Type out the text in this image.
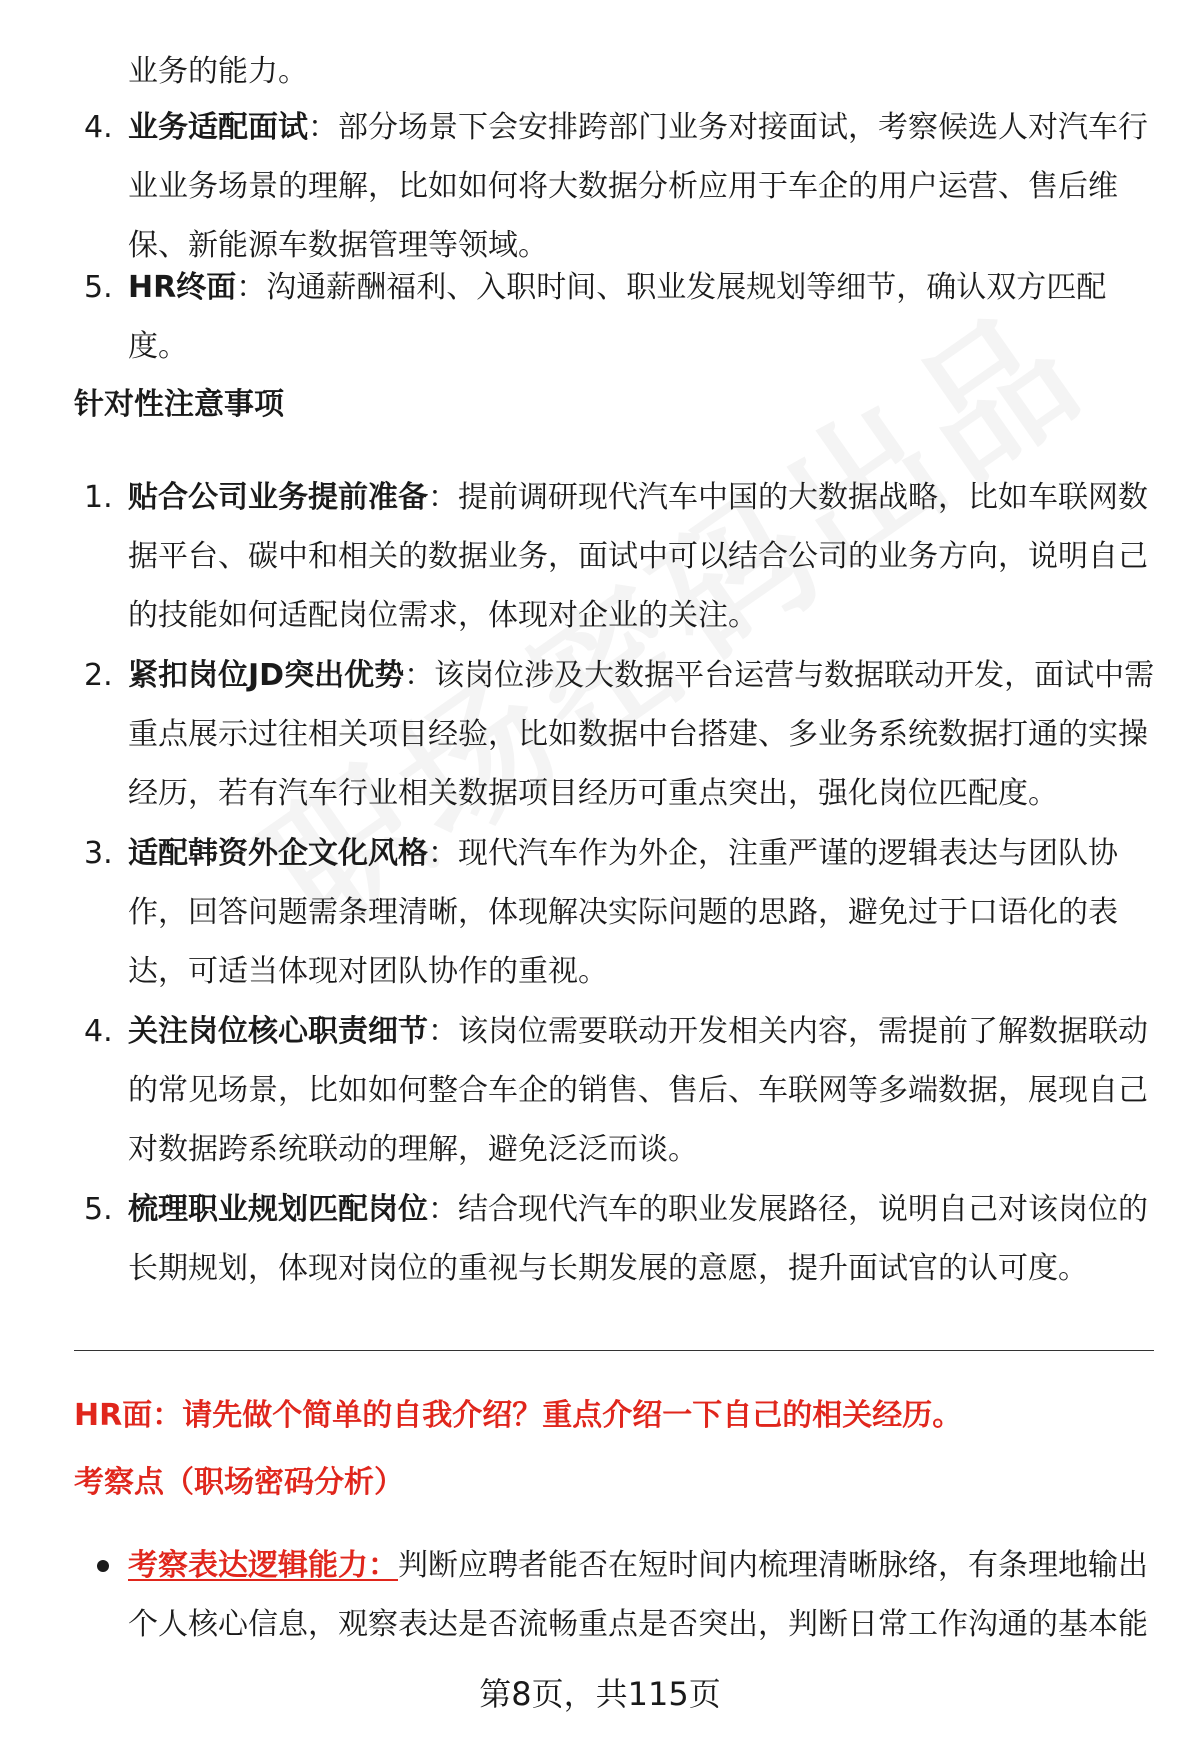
业务的能力。

4. 业务适配面试：部分场景下会安排跨部门业务对接面试，考察候选人对汽车行业业务场景的理解，比如如何将大数据分析应用于车企的用户运营、售后维保、新能源车数据管理等领域。

5. HR终面：沟通薪酬福利、入职时间、职业发展规划等细节，确认双方匹配度。

针对性注意事项
1. 贴合公司业务提前准备：提前调研现代汽车中国的大数据战略，比如车联网数据平台、碳中和相关的数据业务，面试中可以结合公司的业务方向，说明自己的技能如何适配岗位需求，体现对企业的关注。

2. 紧扣岗位JD突出优势：该岗位涉及大数据平台运营与数据联动开发，面试中需重点展示过往相关项目经验，比如数据中台搭建、多业务系统数据打通的实操经历，若有汽车行业相关数据项目经历可重点突出，强化岗位匹配度。

3. 适配韩资外企文化风格：现代汽车作为外企，注重严谨的逻辑表达与团队协作，回答问题需条理清晰，体现解决实际问题的思路，避免过于口语化的表达，可适当体现对团队协作的重视。

4. 关注岗位核心职责细节：该岗位需要联动开发相关内容，需提前了解数据联动的常见场景，比如如何整合车企的销售、售后、车联网等多端数据，展现自己对数据跨系统联动的理解，避免泛泛而谈。

5. 梳理职业规划匹配岗位：结合现代汽车的职业发展路径，说明自己对该岗位的长期规划，体现对岗位的重视与长期发展的意愿，提升面试官的认可度。

HR面：请先做个简单的自我介绍？重点介绍一下自己的相关经历。
考察点（职场密码分析）

考察表达逻辑能力：判断应聘者能否在短时间内梳理清晰脉络，有条理地输出个人核心信息，观察表达是否流畅重点是否突出，判断日常工作沟通的基本能

第8页，共115页
